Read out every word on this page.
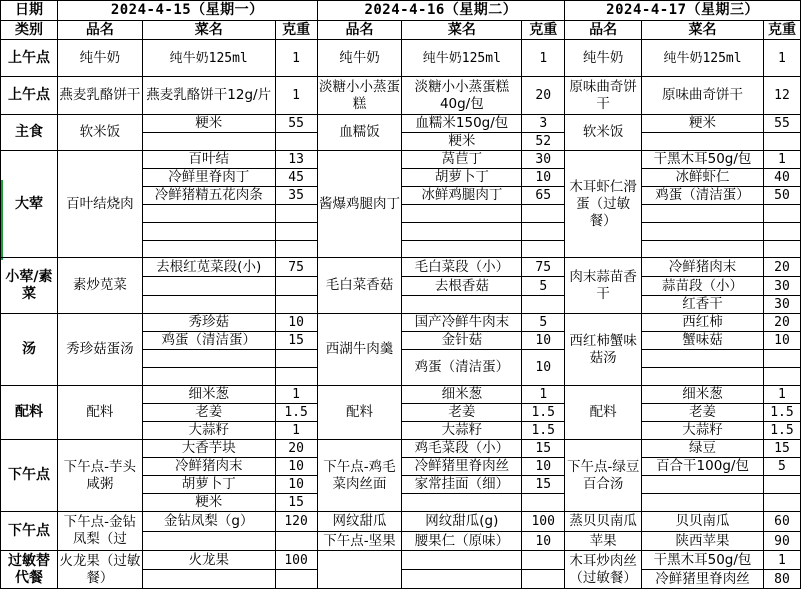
日期	2024-4-15（星期一）			2024-4-16（星期二）			2024-4-17（星期三）		
类别	品名	菜名	克重	品名	菜名	克重	品名	菜名	克重
上午点	纯牛奶	纯牛奶125ml	1	纯牛奶	纯牛奶125ml	1	纯牛奶	纯牛奶125ml	1
上午点	燕麦乳酪饼干	燕麦乳酪饼干12g/片	1	淡糖小小蒸蛋糕	淡糖小小蒸蛋糕40g/包	20	原味曲奇饼干	原味曲奇饼干	12
主食	软米饭	粳米	55	血糯饭	血糯米150g/包	3	软米饭	粳米	55
					粳米	52			
大荤	百叶结烧肉	百叶结	13	酱爆鸡腿肉丁	莴苣丁	30	木耳虾仁滑蛋（过敏餐）	干黑木耳50g/包	1
		冷鲜里脊肉丁	45		胡萝卜丁	10		冰鲜虾仁	40
		冷鲜猪精五花肉条	35		冰鲜鸡腿肉丁	65		鸡蛋（清洁蛋）	50

小荤/素菜	素炒苋菜	去根红苋菜段(小)	75	毛白菜香菇	毛白菜段（小）	75	肉末蒜苗香干	冷鲜猪肉末	20
					去根香菇	5		蒜苗段（小）	30
								红香干	30
汤	秀珍菇蛋汤	秀珍菇	10	西湖牛肉羹	国产冷鲜牛肉末	5	西红柿蟹味菇汤	西红柿	20
		鸡蛋（清洁蛋）	15		金针菇	10		蟹味菇	10
					鸡蛋（清洁蛋）	10			

配料	配料	细米葱	1	配料	细米葱	1	配料	细米葱	1
		老姜	1.5		老姜	1.5		老姜	1.5
		大蒜籽	1		大蒜籽	1.5		大蒜籽	1.5
下午点	下午点-芋头咸粥	大香芋块	20	下午点-鸡毛菜肉丝面	鸡毛菜段（小）	15	下午点-绿豆百合汤	绿豆	15
		冷鲜猪肉末	10		冷鲜猪里脊肉丝	10		百合干100g/包	5
		胡萝卜丁	10		家常挂面（细）	15			
		粳米	15						
下午点	下午点-金钻凤梨（过	金钻凤梨（g）	120	网纹甜瓜	网纹甜瓜(g)	100	蒸贝贝南瓜	贝贝南瓜	60
				下午点-坚果	腰果仁（原味）	10	苹果	陕西苹果	90
过敏替代餐	火龙果（过敏餐）	火龙果	100				木耳炒肉丝（过敏餐）	干黑木耳50g/包	1
								冷鲜猪里脊肉丝	80
